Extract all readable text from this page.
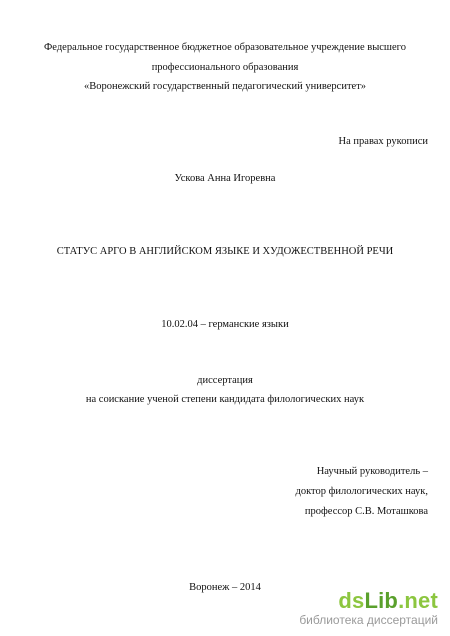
Федеральное государственное бюджетное образовательное учреждение высшего
профессионального образования
«Воронежский государственный педагогический университет»
На правах рукописи
Ускова Анна Игоревна
СТАТУС АРГО В АНГЛИЙСКОМ ЯЗЫКЕ И ХУДОЖЕСТВЕННОЙ РЕЧИ
10.02.04 – германские языки
диссертация
на соискание ученой степени кандидата филологических наук
Научный руководитель –
доктор филологических наук,
профессор С.В. Моташкова
Воронеж – 2014
dsLib.net
библиотека диссертаций
